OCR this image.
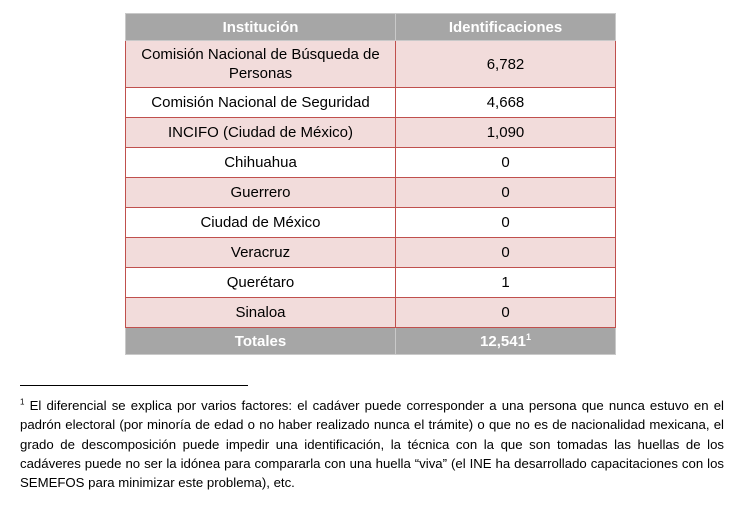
Institución	Identificaciones
Comisión Nacional de Búsqueda de Personas	6,782
Comisión Nacional de Seguridad	4,668
INCIFO (Ciudad de México)	1,090
Chihuahua	0
Guerrero	0
Ciudad de México	0
Veracruz	0
Querétaro	1
Sinaloa	0
Totales	12,541$^1$
$^1$ El diferencial se explica por varios factores: el cadáver puede corresponder a una persona que nunca estuvo en el padrón electoral (por minoría de edad o no haber realizado nunca el trámite) o que no es de nacionalidad mexicana, el grado de descomposición puede impedir una identificación, la técnica con la que son tomadas las huellas de los cadáveres puede no ser la idónea para compararla con una huella “viva” (el INE ha desarrollado capacitaciones con los SEMEFOS para minimizar este problema), etc.
